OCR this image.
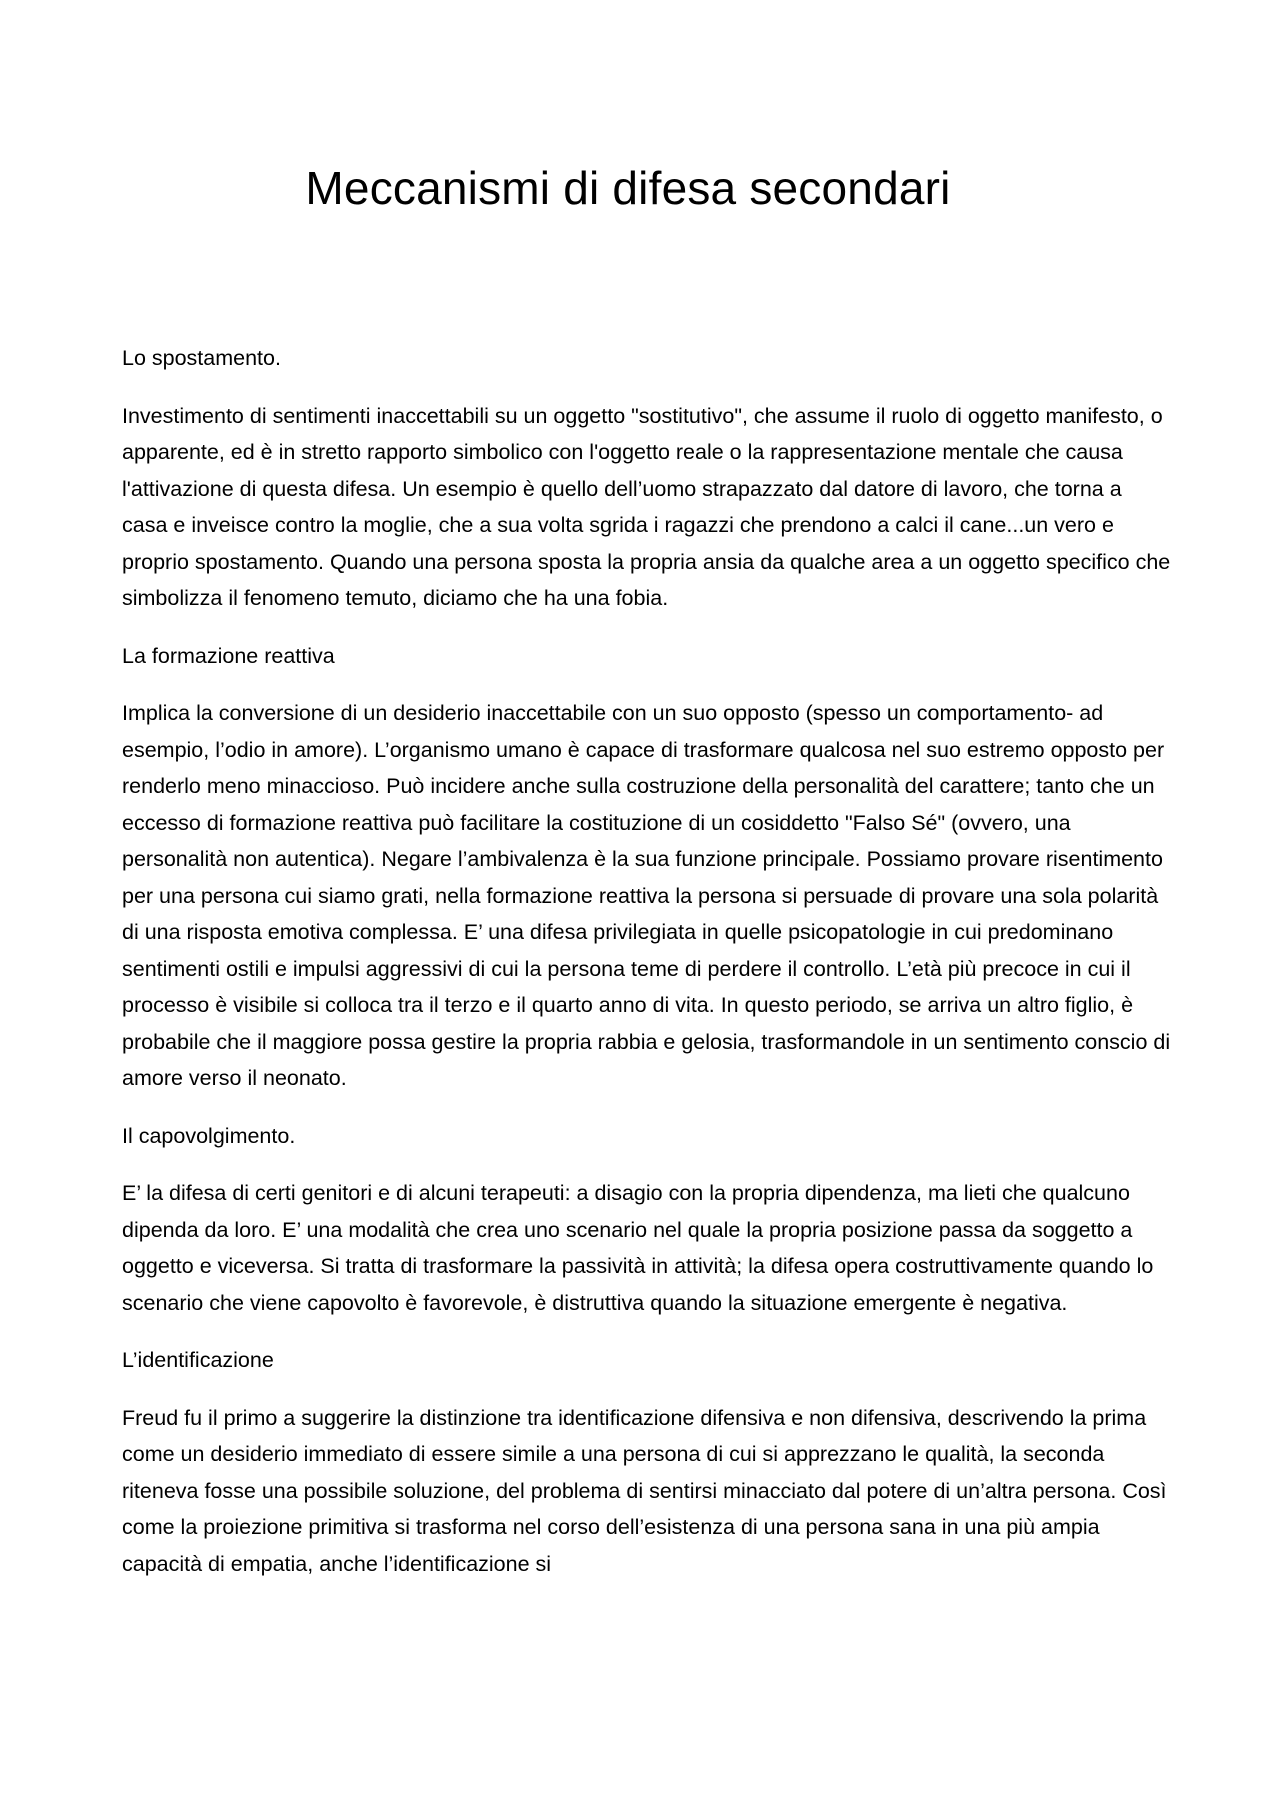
Meccanismi di difesa secondari

Lo spostamento.

Investimento di sentimenti inaccettabili su un oggetto "sostitutivo", che assume il ruolo di oggetto manifesto, o apparente, ed è in stretto rapporto simbolico con l'oggetto reale o la rappresentazione mentale che causa l'attivazione di questa difesa. Un esempio è quello dell’uomo strapazzato dal datore di lavoro, che torna a casa e inveisce contro la moglie, che a sua volta sgrida i ragazzi che prendono a calci il cane...un vero e proprio spostamento. Quando una persona sposta la propria ansia da qualche area a un oggetto specifico che simbolizza il fenomeno temuto, diciamo che ha una fobia.

La formazione reattiva

Implica la conversione di un desiderio inaccettabile con un suo opposto (spesso un comportamento- ad esempio, l’odio in amore). L’organismo umano è capace di trasformare qualcosa nel suo estremo opposto per renderlo meno minaccioso. Può incidere anche sulla costruzione della personalità del carattere; tanto che un eccesso di formazione reattiva può facilitare la costituzione di un cosiddetto "Falso Sé" (ovvero, una personalità non autentica). Negare l’ambivalenza è la sua funzione principale. Possiamo provare risentimento per una persona cui siamo grati, nella formazione reattiva la persona si persuade di provare una sola polarità di una risposta emotiva complessa. E’ una difesa privilegiata in quelle psicopatologie in cui predominano sentimenti ostili e impulsi aggressivi di cui la persona teme di perdere il controllo. L’età più precoce in cui il processo è visibile si colloca tra il terzo e il quarto anno di vita. In questo periodo, se arriva un altro figlio, è probabile che il maggiore possa gestire la propria rabbia e gelosia, trasformandole in un sentimento conscio di amore verso il neonato.

Il capovolgimento.

E’ la difesa di certi genitori e di alcuni terapeuti: a disagio con la propria dipendenza, ma lieti che qualcuno dipenda da loro. E’ una modalità che crea uno scenario nel quale la propria posizione passa da soggetto a oggetto e viceversa. Si tratta di trasformare la passività in attività; la difesa opera costruttivamente quando lo scenario che viene capovolto è favorevole, è distruttiva quando la situazione emergente è negativa.

L’identificazione

Freud fu il primo a suggerire la distinzione tra identificazione difensiva e non difensiva, descrivendo la prima come un desiderio immediato di essere simile a una persona di cui si apprezzano le qualità, la seconda riteneva fosse una possibile soluzione, del problema di sentirsi minacciato dal potere di un’altra persona. Così come la proiezione primitiva si trasforma nel corso dell’esistenza di una persona sana in una più ampia capacità di empatia, anche l’identificazione si
